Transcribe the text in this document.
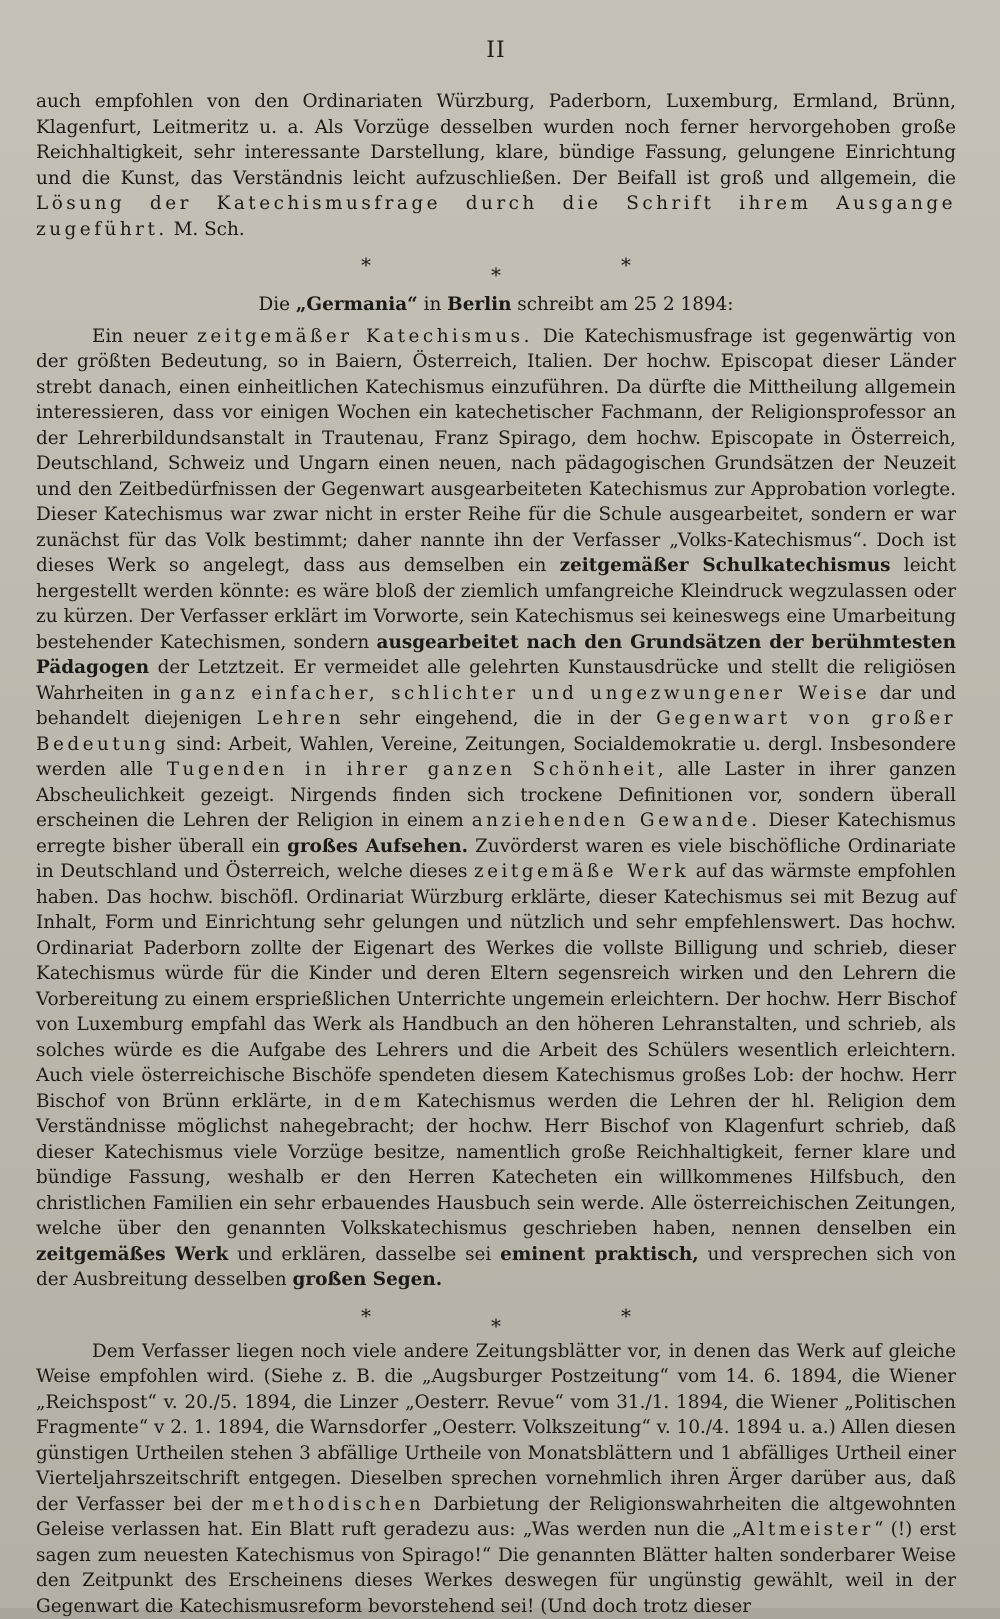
II

auch empfohlen von den Ordinariaten Würzburg, Paderborn, Luxemburg, Ermland, Brünn, Klagenfurt, Leitmeritz u. a. Als Vorzüge desselben wurden noch ferner hervorgehoben große Reichhaltigkeit, sehr interessante Darstellung, klare, bündige Fassung, gelungene Einrichtung und die Kunst, das Verständnis leicht aufzuschließen. Der Beifall ist groß und allgemein, die Lösung der Katechismusfrage durch die Schrift ihrem Ausgange zugeführt. M. Sch.

*	*	*
Die „Germania“ in Berlin schreibt am 25 2 1894:

Ein neuer zeitgemäßer Katechismus. Die Katechismusfrage ist gegenwärtig von der größten Bedeutung, so in Baiern, Österreich, Italien. Der hochw. Episcopat dieser Länder strebt danach, einen einheitlichen Katechismus einzuführen. Da dürfte die Mittheilung allgemein interessieren, dass vor einigen Wochen ein katechetischer Fachmann, der Religionsprofessor an der Lehrerbildundsanstalt in Trautenau, Franz Spirago, dem hochw. Episcopate in Österreich, Deutschland, Schweiz und Ungarn einen neuen, nach pädagogischen Grundsätzen der Neuzeit und den Zeitbedürfnissen der Gegenwart ausgearbeiteten Katechismus zur Approbation vorlegte. Dieser Katechismus war zwar nicht in erster Reihe für die Schule ausgearbeitet, sondern er war zunächst für das Volk bestimmt; daher nannte ihn der Verfasser „Volks-Katechismus“. Doch ist dieses Werk so angelegt, dass aus demselben ein zeitgemäßer Schulkatechismus leicht hergestellt werden könnte: es wäre bloß der ziemlich umfangreiche Kleindruck wegzulassen oder zu kürzen. Der Verfasser erklärt im Vorworte, sein Katechismus sei keineswegs eine Umarbeitung bestehender Katechismen, sondern ausgearbeitet nach den Grundsätzen der berühmtesten Pädagogen der Letztzeit. Er vermeidet alle gelehrten Kunstausdrücke und stellt die religiösen Wahrheiten in ganz einfacher, schlichter und ungezwungener Weise dar und behandelt diejenigen Lehren sehr eingehend, die in der Gegenwart von großer Bedeutung sind: Arbeit, Wahlen, Vereine, Zeitungen, Socialdemokratie u. dergl. Insbesondere werden alle Tugenden in ihrer ganzen Schönheit, alle Laster in ihrer ganzen Abscheulichkeit gezeigt. Nirgends finden sich trockene Definitionen vor, sondern überall erscheinen die Lehren der Religion in einem anziehenden Gewande. Dieser Katechismus erregte bisher überall ein großes Aufsehen. Zuvörderst waren es viele bischöfliche Ordinariate in Deutschland und Österreich, welche dieses zeitgemäße Werk auf das wärmste empfohlen haben. Das hochw. bischöfl. Ordinariat Würzburg erklärte, dieser Katechismus sei mit Bezug auf Inhalt, Form und Einrichtung sehr gelungen und nützlich und sehr empfehlenswert. Das hochw. Ordinariat Paderborn zollte der Eigenart des Werkes die vollste Billigung und schrieb, dieser Katechismus würde für die Kinder und deren Eltern segensreich wirken und den Lehrern die Vorbereitung zu einem ersprießlichen Unterrichte ungemein erleichtern. Der hochw. Herr Bischof von Luxemburg empfahl das Werk als Handbuch an den höheren Lehranstalten, und schrieb, als solches würde es die Aufgabe des Lehrers und die Arbeit des Schülers wesentlich erleichtern. Auch viele österreichische Bischöfe spendeten diesem Katechismus großes Lob: der hochw. Herr Bischof von Brünn erklärte, in dem Katechismus werden die Lehren der hl. Religion dem Verständnisse möglichst nahegebracht; der hochw. Herr Bischof von Klagenfurt schrieb, daß dieser Katechismus viele Vorzüge besitze, namentlich große Reichhaltigkeit, ferner klare und bündige Fassung, weshalb er den Herren Katecheten ein willkommenes Hilfsbuch, den christlichen Familien ein sehr erbauendes Hausbuch sein werde. Alle österreichischen Zeitungen, welche über den genannten Volkskatechismus geschrieben haben, nennen denselben ein zeitgemäßes Werk und erklären, dasselbe sei eminent praktisch, und versprechen sich von der Ausbreitung desselben großen Segen.

*	*	*

Dem Verfasser liegen noch viele andere Zeitungsblätter vor, in denen das Werk auf gleiche Weise empfohlen wird. (Siehe z. B. die „Augsburger Postzeitung“ vom 14. 6. 1894, die Wiener „Reichspost“ v. 20./5. 1894, die Linzer „Oesterr. Revue“ vom 31./1. 1894, die Wiener „Politischen Fragmente“ v 2. 1. 1894, die Warnsdorfer „Oesterr. Volkszeitung“ v. 10./4. 1894 u. a.) Allen diesen günstigen Urtheilen stehen 3 abfällige Urtheile von Monatsblättern und 1 abfälliges Urtheil einer Vierteljahrszeitschrift entgegen. Dieselben sprechen vornehmlich ihren Ärger darüber aus, daß der Verfasser bei der methodischen Darbietung der Religionswahrheiten die altgewohnten Geleise verlassen hat. Ein Blatt ruft geradezu aus: „Was werden nun die „Altmeister“ (!) erst sagen zum neuesten Katechismus von Spirago!“ Die genannten Blätter halten sonderbarer Weise den Zeitpunkt des Erscheinens dieses Werkes deswegen für ungünstig gewählt, weil in der Gegenwart die Katechismusreform bevorstehend sei! (Und doch trotz dieser
